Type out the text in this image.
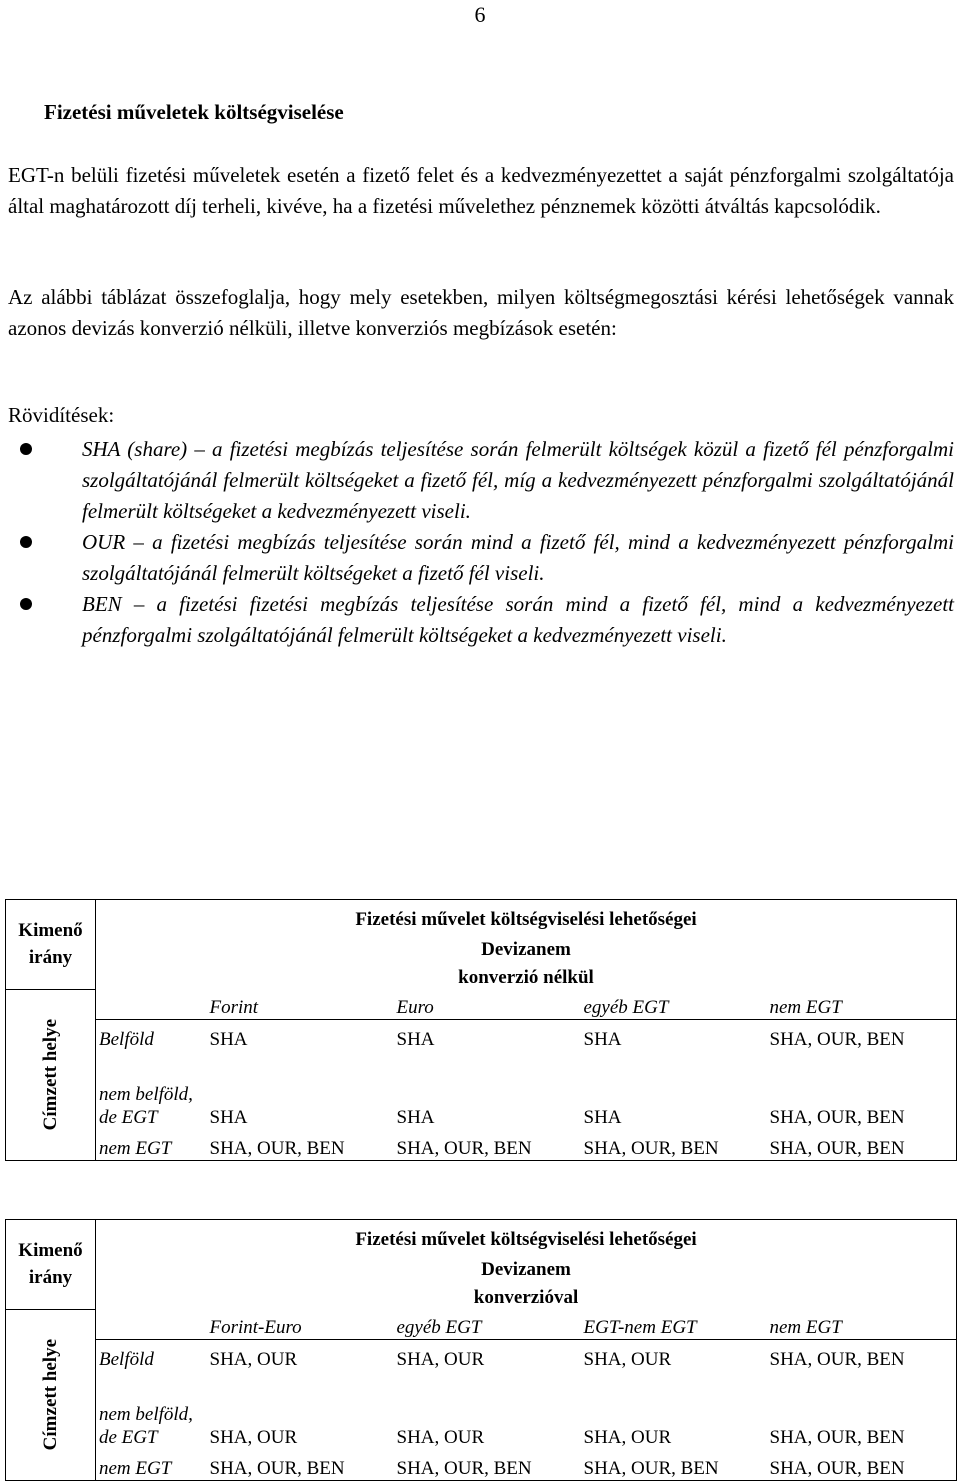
6
Fizetési műveletek költségviselése

EGT-n belüli fizetési műveletek esetén a fizető felet és a kedvezményezettet a saját pénzforgalmi szolgáltatója által maghatározott díj terheli, kivéve, ha a fizetési művelethez pénznemek közötti átváltás kapcsolódik.

Az alábbi táblázat összefoglalja, hogy mely esetekben, milyen költségmegosztási kérési lehetőségek vannak azonos devizás konverzió nélküli, illetve konverziós megbízások esetén:

Rövidítések:

SHA (share) – a fizetési megbízás teljesítése során felmerült költségek közül a fizető fél pénzforgalmi szolgáltatójánál felmerült költségeket a fizető fél, míg a kedvezményezett pénzforgalmi szolgáltatójánál felmerült költségeket a kedvezményezett viseli.
OUR – a fizetési megbízás teljesítése során mind a fizető fél, mind a kedvezményezett pénzforgalmi szolgáltatójánál felmerült költségeket a fizető fél viseli.
BEN – a fizetési fizetési megbízás teljesítése során mind a fizető fél, mind a kedvezményezett pénzforgalmi szolgáltatójánál felmerült költségeket a kedvezményezett viseli.
Kimenő
irány	Fizetési művelet költségviselési lehetőségei				
	Devizanem				
	konverzió nélkül				

Címzett helye		Forint	Euro	egyéb EGT	nem EGT
	Belföld	SHA	SHA	SHA	SHA, OUR, BEN
	nem belföld, de EGT	SHA	SHA	SHA	SHA, OUR, BEN
	nem EGT	SHA, OUR, BEN	SHA, OUR, BEN	SHA, OUR, BEN	SHA, OUR, BEN
Kimenő
irány	Fizetési művelet költségviselési lehetőségei				
	Devizanem				
	konverzióval				

Címzett helye		Forint-Euro	egyéb EGT	EGT-nem EGT	nem EGT
	Belföld	SHA, OUR	SHA, OUR	SHA, OUR	SHA, OUR, BEN
	nem belföld, de EGT	SHA, OUR	SHA, OUR	SHA, OUR	SHA, OUR, BEN
	nem EGT	SHA, OUR, BEN	SHA, OUR, BEN	SHA, OUR, BEN	SHA, OUR, BEN
